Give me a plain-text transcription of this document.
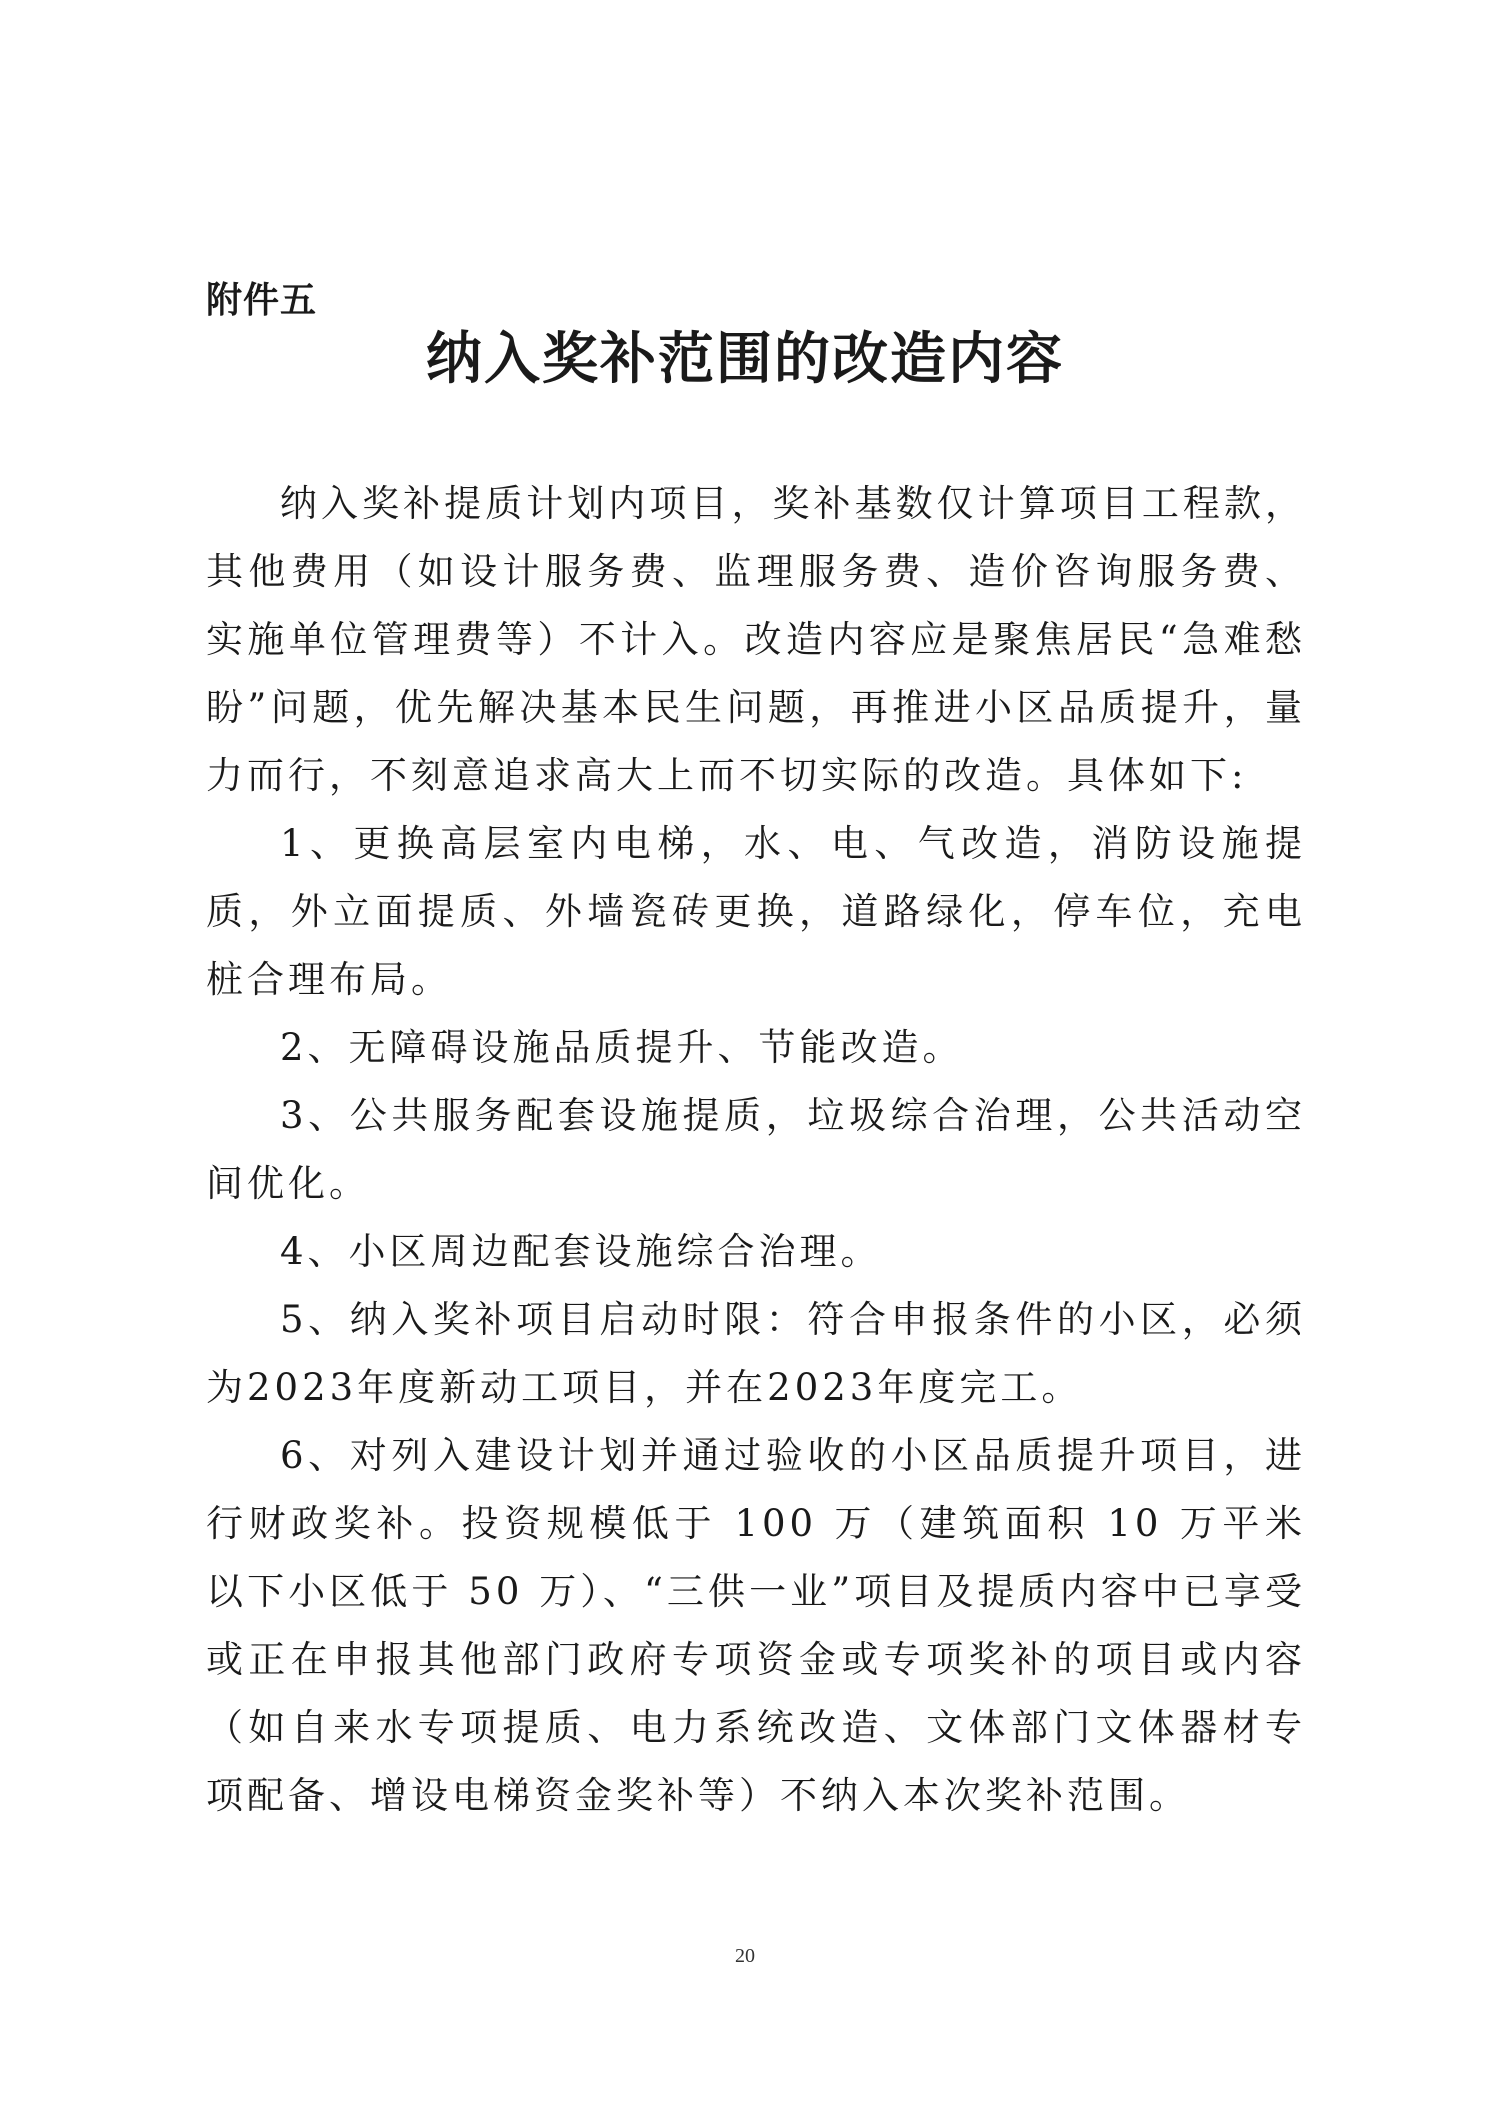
附件五
纳入奖补范围的改造内容

纳入奖补提质计划内项目，奖补基数仅计算项目工程款，其他费用（如设计服务费、监理服务费、造价咨询服务费、实施单位管理费等）不计入。改造内容应是聚焦居民“急难愁盼”问题，优先解决基本民生问题，再推进小区品质提升，量力而行，不刻意追求高大上而不切实际的改造。具体如下:

1、更换高层室内电梯，水、电、气改造，消防设施提质，外立面提质、外墙瓷砖更换，道路绿化，停车位，充电桩合理布局。

2、无障碍设施品质提升、节能改造。

3、公共服务配套设施提质，垃圾综合治理，公共活动空间优化。

4、小区周边配套设施综合治理。

5、纳入奖补项目启动时限：符合申报条件的小区，必须为2023年度新动工项目，并在2023年度完工。

6、对列入建设计划并通过验收的小区品质提升项目，进行财政奖补。投资规模低于 100 万（建筑面积 10 万平米以下小区低于 50 万）、“三供一业”项目及提质内容中已享受或正在申报其他部门政府专项资金或专项奖补的项目或内容（如自来水专项提质、电力系统改造、文体部门文体器材专项配备、增设电梯资金奖补等）不纳入本次奖补范围。

20
